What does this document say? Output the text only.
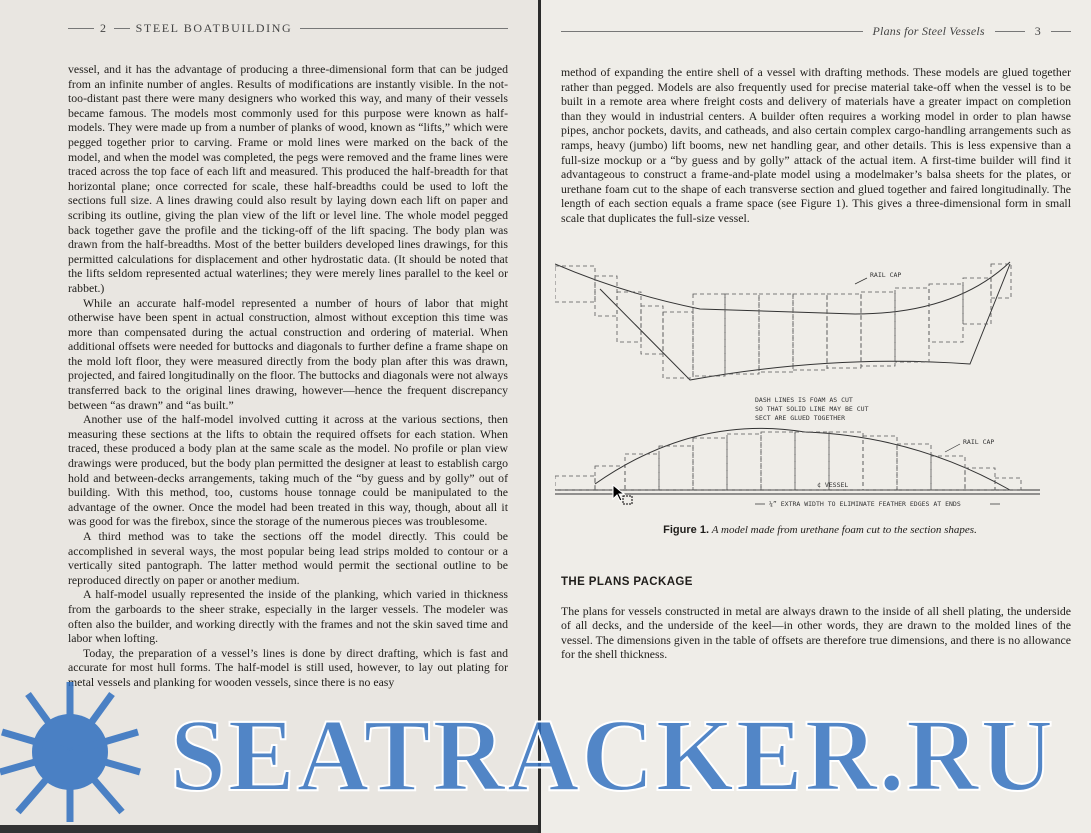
2 STEEL BOATBUILDING

vessel, and it has the advantage of producing a three-dimensional form that can be judged from an infinite number of angles. Results of modifications are instantly visible. In the not-too-distant past there were many designers who worked this way, and many of their vessels became famous. The models most commonly used for this purpose were known as half-models. They were made up from a number of planks of wood, known as “lifts,” which were pegged together prior to carving. Frame or mold lines were marked on the back of the model, and when the model was completed, the pegs were removed and the frame lines were traced across the top face of each lift and measured. This produced the half-breadth for that horizontal plane; once corrected for scale, these half-breadths could be used to loft the sections full size. A lines drawing could also result by laying down each lift on paper and scribing its outline, giving the plan view of the lift or level line. The whole model pegged back together gave the profile and the ticking-off of the lift spacing. The body plan was drawn from the half-breadths. Most of the better builders developed lines drawings, for this permitted calculations for displacement and other hydrostatic data. (It should be noted that the lifts seldom represented actual waterlines; they were merely lines parallel to the keel or rabbet.)

While an accurate half-model represented a number of hours of labor that might otherwise have been spent in actual construction, almost without exception this time was more than compensated during the actual construction and ordering of material. When additional offsets were needed for buttocks and diagonals to further define a frame shape on the mold loft floor, they were measured directly from the body plan after this was drawn, projected, and faired longitudinally on the floor. The buttocks and diagonals were not always transferred back to the original lines drawing, however—hence the frequent discrepancy between “as drawn” and “as built.”

Another use of the half-model involved cutting it across at the various sections, then measuring these sections at the lifts to obtain the required offsets for each station. When traced, these produced a body plan at the same scale as the model. No profile or plan view drawings were produced, but the body plan permitted the designer at least to establish cargo hold and between-decks arrangements, taking much of the “by guess and by golly” out of building. With this method, too, customs house tonnage could be manipulated to the advantage of the owner. Once the model had been treated in this way, though, about all it was good for was the firebox, since the storage of the numerous pieces was troublesome.

A third method was to take the sections off the model directly. This could be accomplished in several ways, the most popular being lead strips molded to contour or a vertically sited pantograph. The latter method would permit the sectional outline to be reproduced directly on paper or another medium.

A half-model usually represented the inside of the planking, which varied in thickness from the garboards to the sheer strake, especially in the larger vessels. The modeler was often also the builder, and working directly with the frames and not the skin saved time and labor when lofting.

Today, the preparation of a vessel’s lines is done by direct drafting, which is fast and accurate for most hull forms. The half-model is still used, however, to lay out plating for metal vessels and planking for wooden vessels, since there is no easy

Plans for Steel Vessels	3

method of expanding the entire shell of a vessel with drafting methods. These models are glued together rather than pegged. Models are also frequently used for precise material take-off when the vessel is to be built in a remote area where freight costs and delivery of materials have a greater impact on completion than they would in industrial centers. A builder often requires a working model in order to plan hawse pipes, anchor pockets, davits, and catheads, and also certain complex cargo-handling arrangements such as ramps, heavy (jumbo) lift booms, new net handling gear, and other details. This is less expensive than a full-size mockup or a “by guess and by golly” attack of the actual item. A first-time builder will find it advantageous to construct a frame-and-plate model using a modelmaker’s balsa sheets for the plates, or urethane foam cut to the shape of each transverse section and glued together and faired longitudinally. The length of each section equals a frame space (see Figure 1). This gives a three-dimensional form in small scale that duplicates the full-size vessel.

RAIL CAP
DASH LINES IS FOAM AS CUT
SO THAT SOLID LINE MAY BE CUT
SECT ARE GLUED TOGETHER
RAIL CAP
¢ VESSEL
¼” EXTRA WIDTH TO ELIMINATE FEATHER EDGES AT ENDS
Figure 1. A model made from urethane foam cut to the section shapes.
THE PLANS PACKAGE

The plans for vessels constructed in metal are always drawn to the inside of all shell plating, the underside of all decks, and the underside of the keel—in other words, they are drawn to the molded lines of the vessel. The dimensions given in the table of offsets are therefore true dimensions, and there is no allowance for the shell thickness.

SEATRACKER.RU
